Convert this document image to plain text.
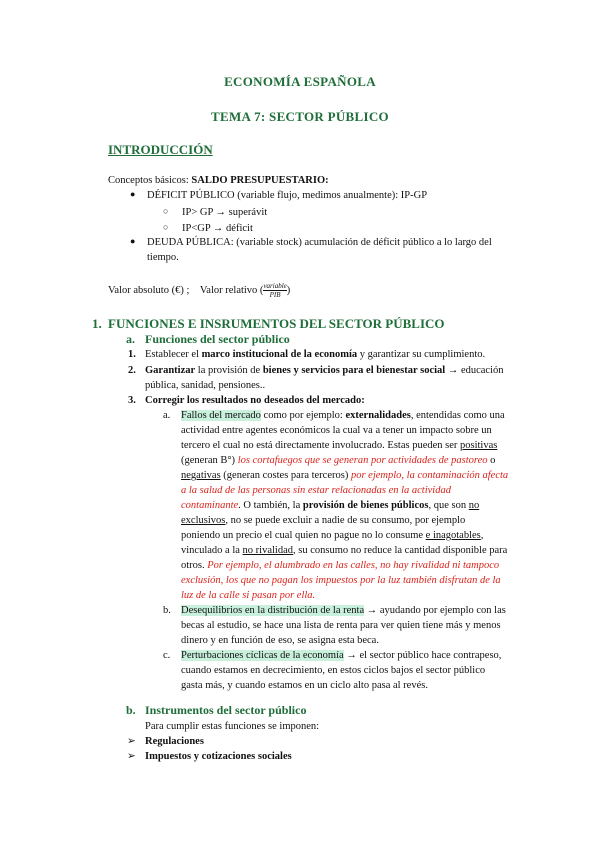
ECONOMÍA ESPAÑOLA
TEMA 7: SECTOR PÚBLICO
INTRODUCCIÓN
Conceptos básicos: SALDO PRESUPUESTARIO:
● DÉFICIT PÚBLICO (variable flujo, medimos anualmente): IP-GP
○ IP> GP → superávit
○ IP<GP → déficit
● DEUDA PÚBLICA: (variable stock) acumulación de déficit público a lo largo del
tiempo.
Valor absoluto (€) ; Valor relativo ( variable
PIB )
1. FUNCIONES E INSRUMENTOS DEL SECTOR PÚBLICO
a. Funciones del sector público
1. Establecer el marco institucional de la economía y garantizar su cumplimiento.
2. Garantizar la provisión de bienes y servicios para el bienestar social → educación
pública, sanidad, pensiones..
3. Corregir los resultados no deseados del mercado:
a. Fallos del mercado como por ejemplo: externalidades, entendidas como una
actividad entre agentes económicos la cual va a tener un impacto sobre un
tercero el cual no está directamente involucrado. Estas pueden ser positivas
(generan B°) los cortafuegos que se generan por actividades de pastoreo o
negativas (generan costes para terceros) por ejemplo, la contaminación afecta
a la salud de las personas sin estar relacionadas en la actividad
contaminante. O también, la provisión de bienes públicos, que son no
exclusivos, no se puede excluir a nadie de su consumo, por ejemplo
poniendo un precio el cual quien no pague no lo consume e inagotables,
vinculado a la no rivalidad, su consumo no reduce la cantidad disponible para
otros. Por ejemplo, el alumbrado en las calles, no hay rivalidad ni tampoco
exclusión, los que no pagan los impuestos por la luz también disfrutan de la
luz de la calle si pasan por ella.
b. Desequilibrios en la distribución de la renta → ayudando por ejemplo con las
becas al estudio, se hace una lista de renta para ver quien tiene más y menos
dinero y en función de eso, se asigna esta beca.
c. Perturbaciones cíclicas de la economía → el sector público hace contrapeso,
cuando estamos en decrecimiento, en estos ciclos bajos el sector público
gasta más, y cuando estamos en un ciclo alto pasa al revés.
b. Instrumentos del sector público
Para cumplir estas funciones se imponen:
➢ Regulaciones
➢ Impuestos y cotizaciones sociales
